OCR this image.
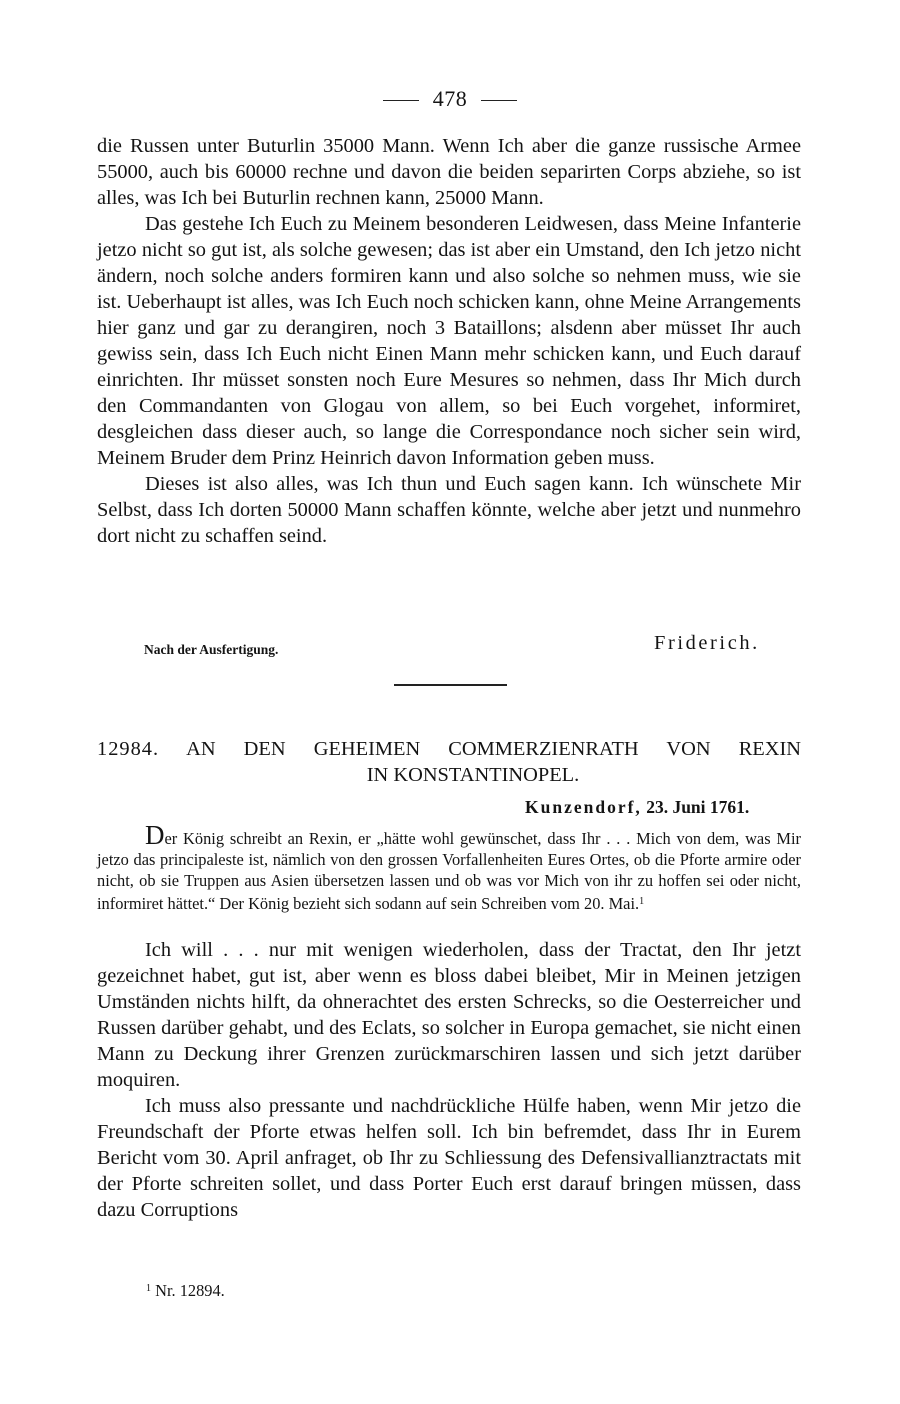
478

die Russen unter Buturlin 35000 Mann. Wenn Ich aber die ganze russische Armee 55000, auch bis 60000 rechne und davon die beiden separirten Corps abziehe, so ist alles, was Ich bei Buturlin rechnen kann, 25000 Mann.

Das gestehe Ich Euch zu Meinem besonderen Leidwesen, dass Meine Infanterie jetzo nicht so gut ist, als solche gewesen; das ist aber ein Umstand, den Ich jetzo nicht ändern, noch solche anders formiren kann und also solche so nehmen muss, wie sie ist. Ueberhaupt ist alles, was Ich Euch noch schicken kann, ohne Meine Arrangements hier ganz und gar zu derangiren, noch 3 Bataillons; alsdenn aber müsset Ihr auch gewiss sein, dass Ich Euch nicht Einen Mann mehr schicken kann, und Euch darauf einrichten. Ihr müsset sonsten noch Eure Mesures so nehmen, dass Ihr Mich durch den Commandanten von Glogau von allem, so bei Euch vorgehet, informiret, desgleichen dass dieser auch, so lange die Correspondance noch sicher sein wird, Meinem Bruder dem Prinz Heinrich davon Information geben muss.

Dieses ist also alles, was Ich thun und Euch sagen kann. Ich wünschete Mir Selbst, dass Ich dorten 50000 Mann schaffen könnte, welche aber jetzt und nunmehro dort nicht zu schaffen seind.

Nach der Ausfertigung.	Friderich.
12984. AN DEN GEHEIMEN COMMERZIENRATH VON REXIN
IN KONSTANTINOPEL.
Kunzendorf, 23. Juni 1761.

Der König schreibt an Rexin, er „hätte wohl gewünschet, dass Ihr . . . Mich von dem, was Mir jetzo das principaleste ist, nämlich von den grossen Vorfallenheiten Eures Ortes, ob die Pforte armire oder nicht, ob sie Truppen aus Asien übersetzen lassen und ob was vor Mich von ihr zu hoffen sei oder nicht, informiret hättet.“ Der König bezieht sich sodann auf sein Schreiben vom 20. Mai.$^1$

Ich will . . . nur mit wenigen wiederholen, dass der Tractat, den Ihr jetzt gezeichnet habet, gut ist, aber wenn es bloss dabei bleibet, Mir in Meinen jetzigen Umständen nichts hilft, da ohnerachtet des ersten Schrecks, so die Oesterreicher und Russen darüber gehabt, und des Eclats, so solcher in Europa gemachet, sie nicht einen Mann zu Deckung ihrer Grenzen zurückmarschiren lassen und sich jetzt darüber moquiren.

Ich muss also pressante und nachdrückliche Hülfe haben, wenn Mir jetzo die Freundschaft der Pforte etwas helfen soll. Ich bin befremdet, dass Ihr in Eurem Bericht vom 30. April anfraget, ob Ihr zu Schliessung des Defensivallianztractats mit der Pforte schreiten sollet, und dass Porter Euch erst darauf bringen müssen, dass dazu Corruptions

$^1$ Nr. 12894.
